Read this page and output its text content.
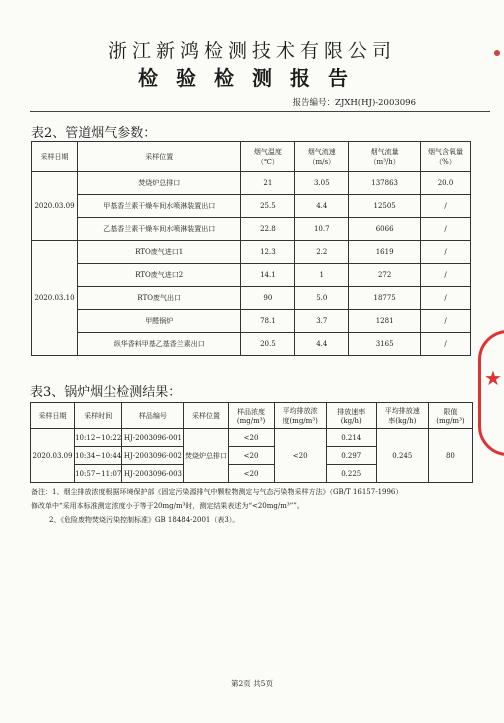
浙江新鸿检测技术有限公司
检验检测报告
报告编号：ZJXH(HJ)-2003096
表2、管道烟气参数：
采样日期	采样位置	烟气温度
（℃）	烟气流速
（m/s）	烟气流量
（m³/h）	烟气含氧量
（%）
2020.03.09	焚烧炉总排口	21	3.05	137863	20.0
	甲基香兰素干燥车间水喷淋装置出口	25.5	4.4	12505	/
	乙基香兰素干燥车间水喷淋装置出口	22.8	10.7	6066	/
2020.03.10	RTO废气进口1	12.3	2.2	1619	/
	RTO废气进口2	14.1	1	272	/
	RTO废气出口	90	5.0	18775	/
	甲醛锅炉	78.1	3.7	1281	/
	纵华香料甲基乙基香兰素出口	20.5	4.4	3165	/
表3、锅炉烟尘检测结果：
采样日期	采样时间	样品编号	采样位置	样品浓度
(mg/m³)	平均排放浓
度(mg/m³)	排放速率
(kg/h)	平均排放速
率(kg/h)	限值
(mg/m³)
2020.03.09	10:12~10:22	HJ-2003096-001	焚烧炉总排口	<20	<20	0.214	0.245	80
	10:34~10:44	HJ-2003096-002		<20		0.297		
	10:57~11:07	HJ-2003096-003		<20		0.225		
备注：1、烟尘排放浓度根据环境保护部《固定污染源排气中颗粒物测定与气态污染物采样方法》（GB/T 16157-1996）
修改单中“采用本标准测定浓度小于等于20mg/m³时，测定结果表述为“<20mg/m³””。
2、《危险废物焚烧污染控制标准》GB 18484-2001（表3）。
★
第2页 共5页
